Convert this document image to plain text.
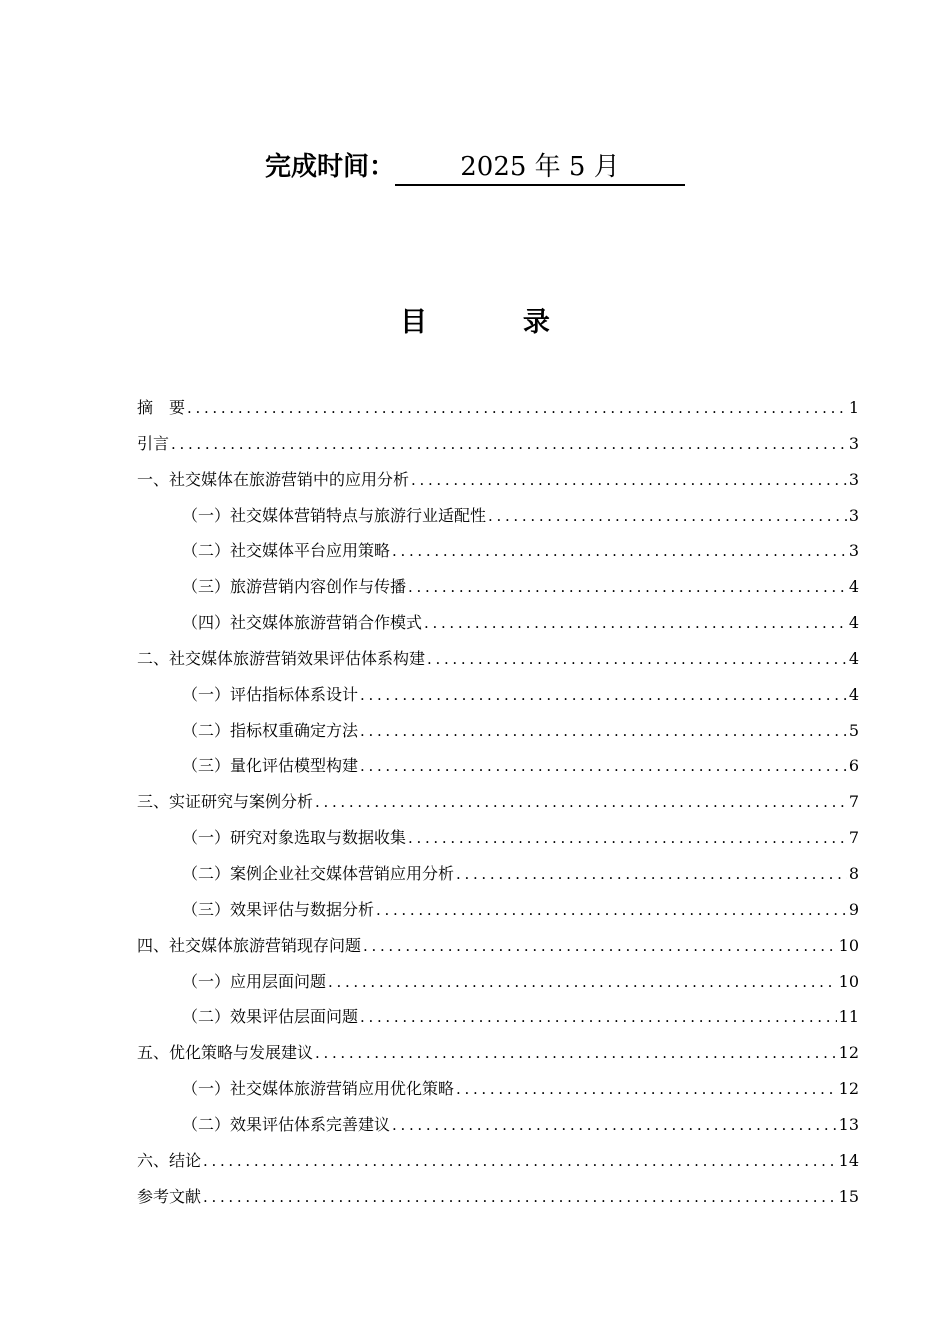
完成时间：	2025 年 5 月
目 录
摘　要 .....	1
引言 .....	3
一、社交媒体在旅游营销中的应用分析 .....	3
（一）社交媒体营销特点与旅游行业适配性 .....	3
（二）社交媒体平台应用策略 .....	3
（三）旅游营销内容创作与传播 .....	4
（四）社交媒体旅游营销合作模式 .....	4
二、社交媒体旅游营销效果评估体系构建 .....	4
（一）评估指标体系设计 .....	4
（二）指标权重确定方法 .....	5
（三）量化评估模型构建 .....	6
三、实证研究与案例分析 .....	7
（一）研究对象选取与数据收集 .....	7
（二）案例企业社交媒体营销应用分析 .....	8
（三）效果评估与数据分析 .....	9
四、社交媒体旅游营销现存问题 .....	10
（一）应用层面问题 .....	10
（二）效果评估层面问题 .....	11
五、优化策略与发展建议 .....	12
（一）社交媒体旅游营销应用优化策略 .....	12
（二）效果评估体系完善建议 .....	13
六、结论 .....	14
参考文献 .....	15
